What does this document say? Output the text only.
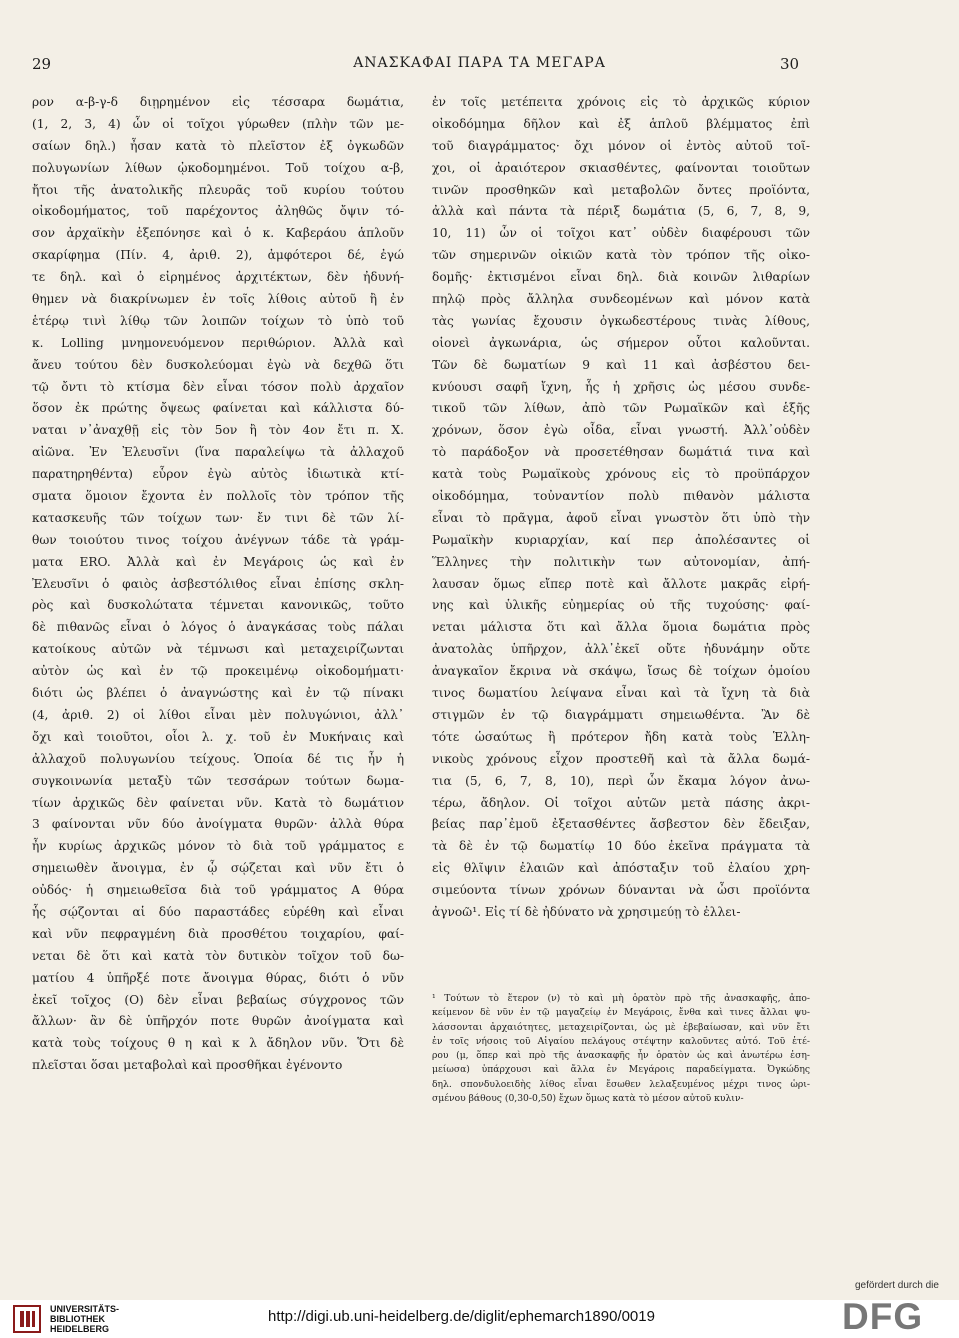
29	ΑΝΑΣΚΑΦΑΙ ΠΑΡΑ ΤΑ ΜΕΓΑΡΑ	30
ρον α-β-γ-δ διῃρημένον εἰς τέσσαρα δωμάτια,
(1, 2, 3, 4) ὧν οἱ τοῖχοι γύρωθεν (πλὴν τῶν με-
σαίων δηλ.) ἦσαν κατὰ τὸ πλεῖστον ἐξ ὀγκωδῶν
πολυγωνίων λίθων ᾠκοδομημένοι. Τοῦ τοίχου α-β,
ἤτοι τῆς ἀνατολικῆς πλευρᾶς τοῦ κυρίου τούτου
οἰκοδομήματος, τοῦ παρέχοντος ἀληθῶς ὄψιν τό-
σον ἀρχαϊκὴν ἐξεπόνησε καὶ ὁ κ. Καβεράου ἁπλοῦν
σκαρίφημα (Πίν. 4, ἀριθ. 2), ἀμφότεροι δέ, ἐγώ
τε δηλ. καὶ ὁ εἰρημένος ἀρχιτέκτων, δὲν ἠδυνή-
θημεν νὰ διακρίνωμεν ἐν τοῖς λίθοις αὐτοῦ ἢ ἐν
ἑτέρῳ τινὶ λίθῳ τῶν λοιπῶν τοίχων τὸ ὑπὸ τοῦ
κ. Lolling μνημονευόμενον περιθώριον. Ἀλλὰ καὶ
ἄνευ τούτου δὲν δυσκολεύομαι ἐγὼ νὰ δεχθῶ ὅτι
τῷ ὄντι τὸ κτίσμα δὲν εἶναι τόσον πολὺ ἀρχαῖον
ὅσον ἐκ πρώτης ὄψεως φαίνεται καὶ κάλλιστα δύ-
ναται ν᾽ἀναχθῇ εἰς τὸν 5ον ἢ τὸν 4ον ἔτι π. Χ.
αἰῶνα. Ἐν Ἐλευσῖνι (ἵνα παραλείψω τὰ ἀλλαχοῦ
παρατηρηθέντα) εὗρον ἐγὼ αὐτὸς ἰδιωτικὰ κτί-
σματα ὅμοιον ἔχοντα ἐν πολλοῖς τὸν τρόπον τῆς
κατασκευῆς τῶν τοίχων των· ἔν τινι δὲ τῶν λί-
θων τοιούτου τινος τοίχου ἀνέγνων τάδε τὰ γράμ-
ματα ERO. Ἀλλὰ καὶ ἐν Μεγάροις ὡς καὶ ἐν
Ἐλευσῖνι ὁ φαιὸς ἀσβεστόλιθος εἶναι ἐπίσης σκλη-
ρὸς καὶ δυσκολώτατα τέμνεται κανονικῶς, τοῦτο
δὲ πιθανῶς εἶναι ὁ λόγος ὁ ἀναγκάσας τοὺς πάλαι
κατοίκους αὐτῶν νὰ τέμνωσι καὶ μεταχειρίζωνται
αὐτὸν ὡς καὶ ἐν τῷ προκειμένῳ οἰκοδομήματι·
διότι ὡς βλέπει ὁ ἀναγνώστης καὶ ἐν τῷ πίνακι
(4, ἀριθ. 2) οἱ λίθοι εἶναι μὲν πολυγώνιοι, ἀλλ᾽
ὄχι καὶ τοιοῦτοι, οἷοι λ. χ. τοῦ ἐν Μυκήναις καὶ
ἀλλαχοῦ πολυγωνίου τείχους. Ὁποία δέ τις ἦν ἡ
συγκοινωνία μεταξὺ τῶν τεσσάρων τούτων δωμα-
τίων ἀρχικῶς δὲν φαίνεται νῦν. Κατὰ τὸ δωμάτιον
3 φαίνονται νῦν δύο ἀνοίγματα θυρῶν· ἀλλὰ θύρα
ἦν κυρίως ἀρχικῶς μόνον τὸ διὰ τοῦ γράμματος ε
σημειωθὲν ἄνοιγμα, ἐν ᾧ σῴζεται καὶ νῦν ἔτι ὁ
οὐδός· ἡ σημειωθεῖσα διὰ τοῦ γράμματος Α θύρα
ἧς σῴζονται αἱ δύο παραστάδες εὑρέθη καὶ εἶναι
καὶ νῦν πεφραγμένη διὰ προσθέτου τοιχαρίου, φαί-
νεται δὲ ὅτι καὶ κατὰ τὸν δυτικὸν τοῖχον τοῦ δω-
ματίου 4 ὑπῆρξέ ποτε ἄνοιγμα θύρας, διότι ὁ νῦν
ἐκεῖ τοῖχος (Ο) δὲν εἶναι βεβαίως σύγχρονος τῶν
ἄλλων· ἂν δὲ ὑπῆρχόν ποτε θυρῶν ἀνοίγματα καὶ
κατὰ τοὺς τοίχους θ η καὶ κ λ ἄδηλον νῦν. Ὅτι δὲ
πλεῖσται ὅσαι μεταβολαὶ καὶ προσθῆκαι ἐγένοντο
ἐν τοῖς μετέπειτα χρόνοις εἰς τὸ ἀρχικῶς κύριον
οἰκοδόμημα δῆλον καὶ ἐξ ἁπλοῦ βλέμματος ἐπὶ
τοῦ διαγράμματος· ὄχι μόνον οἱ ἐντὸς αὐτοῦ τοῖ-
χοι, οἱ ἀραιότερον σκιασθέντες, φαίνονται τοιοῦτων
τινῶν προσθηκῶν καὶ μεταβολῶν ὄντες προϊόντα,
ἀλλὰ καὶ πάντα τὰ πέριξ δωμάτια (5, 6, 7, 8, 9,
10, 11) ὧν οἱ τοῖχοι κατ᾽ οὐδὲν διαφέρουσι τῶν
τῶν σημερινῶν οἰκιῶν κατὰ τὸν τρόπον τῆς οἰκο-
δομῆς· ἐκτισμένοι εἶναι δηλ. διὰ κοινῶν λιθαρίων
πηλῷ πρὸς ἄλληλα συνδεομένων καὶ μόνον κατὰ
τὰς γωνίας ἔχουσιν ὀγκωδεστέρους τινὰς λίθους,
οἱονεὶ ἀγκωνάρια, ὡς σήμερον οὗτοι καλοῦνται.
Τῶν δὲ δωματίων 9 καὶ 11 καὶ ἀσβέστου δει-
κνύουσι σαφῆ ἴχνη, ἧς ἡ χρῆσις ὡς μέσου συνδε-
τικοῦ τῶν λίθων, ἀπὸ τῶν Ρωμαϊκῶν καὶ ἑξῆς
χρόνων, ὅσον ἐγὼ οἶδα, εἶναι γνωστή. Ἀλλ᾽οὐδὲν
τὸ παράδοξον νὰ προσετέθησαν δωμάτιά τινα καὶ
κατὰ τοὺς Ρωμαϊκοὺς χρόνους εἰς τὸ προϋπάρχον
οἰκοδόμημα, τοὐναντίον πολὺ πιθανὸν μάλιστα
εἶναι τὸ πρᾶγμα, ἀφοῦ εἶναι γνωστὸν ὅτι ὑπὸ τὴν
Ρωμαϊκὴν κυριαρχίαν, καί περ ἀπολέσαντες οἱ
Ἕλληνες τὴν πολιτικὴν των αὐτονομίαν, ἀπή-
λαυσαν ὅμως εἴπερ ποτὲ καὶ ἄλλοτε μακρᾶς εἰρή-
νης καὶ ὑλικῆς εὐημερίας οὐ τῆς τυχούσης· φαί-
νεται μάλιστα ὅτι καὶ ἄλλα ὅμοια δωμάτια πρὸς
ἀνατολὰς ὑπῆρχον, ἀλλ᾽ἐκεῖ οὔτε ἠδυνάμην οὔτε
ἀναγκαῖον ἔκρινα νὰ σκάψω, ἴσως δὲ τοίχων ὁμοίου
τινος δωματίου λείψανα εἶναι καὶ τὰ ἴχνη τὰ διὰ
στιγμῶν ἐν τῷ διαγράμματι σημειωθέντα. Ἂν δὲ
τότε ὡσαύτως ἢ πρότερον ἤδη κατὰ τοὺς Ἑλλη-
νικοὺς χρόνους εἶχον προστεθῆ καὶ τὰ ἄλλα δωμά-
τια (5, 6, 7, 8, 10), περὶ ὧν ἔκαμα λόγον ἀνω-
τέρω, ἄδηλον. Οἱ τοῖχοι αὐτῶν μετὰ πάσης ἀκρι-
βείας παρ᾽ἐμοῦ ἐξετασθέντες ἄσβεστον δὲν ἔδειξαν,
τὰ δὲ ἐν τῷ δωματίῳ 10 δύο ἐκεῖνα πράγματα τὰ
εἰς θλῖψιν ἐλαιῶν καὶ ἀπόσταξιν τοῦ ἐλαίου χρη-
σιμεύοντα τίνων χρόνων δύνανται νὰ ὦσι προϊόντα
ἀγνοῶ¹. Εἰς τί δὲ ἠδύνατο νὰ χρησιμεύῃ τὸ ἐλλει-
¹ Τούτων τὸ ἕτερον (ν) τὸ καὶ μὴ ὁρατὸν πρὸ τῆς ἀνασκαφῆς, ἀπο-
κείμενον δὲ νῦν ἐν τῷ μαγαζείῳ ἐν Μεγάροις, ἔνθα καὶ τινες ἄλλαι ψυ-
λάσσονται ἀρχαιότητες, μεταχειρίζονται, ὡς μὲ ἐβεβαίωσαν, καὶ νῦν ἔτι
ἐν τοῖς νήσοις τοῦ Αἰγαίου πελάγους στέψτην καλοῦντες αὐτό. Τοῦ ἑτέ-
ρου (μ, ὅπερ καὶ πρὸ τῆς ἀνασκαφῆς ἦν ὁρατὸν ὡς καὶ ἀνωτέρω ἐση-
μείωσα) ὑπάρχουσι καὶ ἄλλα ἐν Μεγάροις παραδείγματα. Ὀγκώδης
δηλ. σπονδυλοειδὴς λίθος εἶναι ἔσωθεν λελαξευμένος μέχρι τινος ὡρι-
σμένου βάθους (0,30-0,50) ἔχων ὅμως κατὰ τὸ μέσον αὐτοῦ κυλιν-
UNIVERSITÄTS-
BIBLIOTHEK
HEIDELBERG
http://digi.ub.uni-heidelberg.de/diglit/ephemarch1890/0019
gefördert durch die
DFG
